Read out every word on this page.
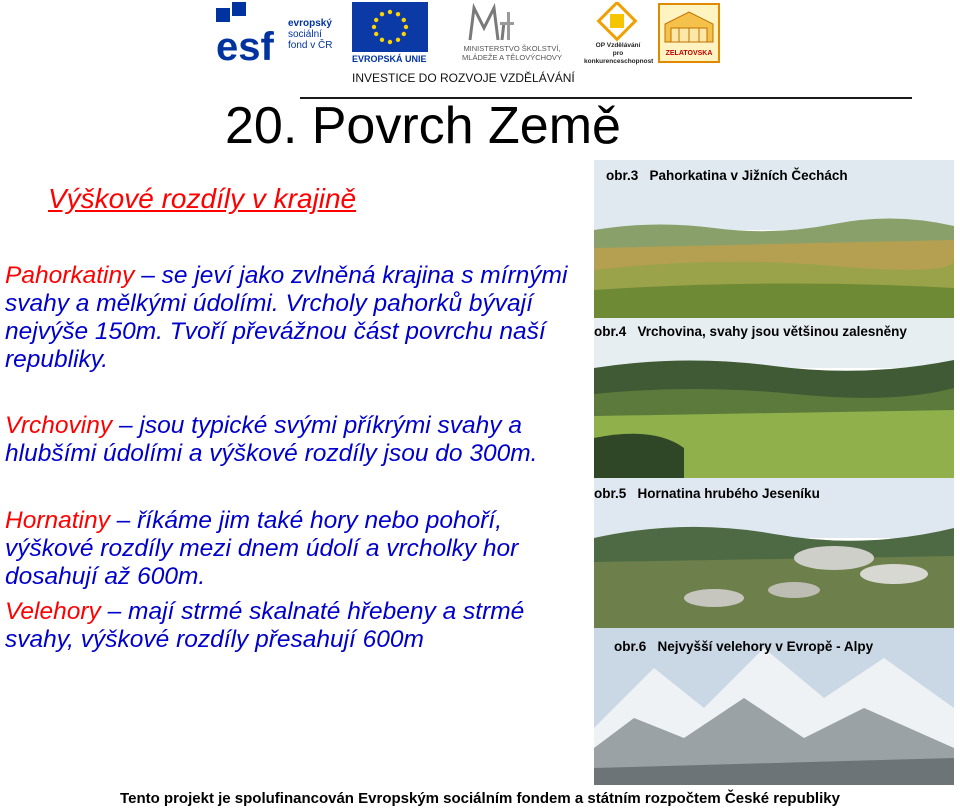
esf
evropský
sociální
fond v ČR
EVROPSKÁ UNIE
MINISTERSTVO ŠKOLSTVÍ,
MLÁDEŽE A TĚLOVÝCHOVY
OP Vzdělávání
pro konkurenceschopnost
ŽELATOVSKÁ
INVESTICE DO ROZVOJE VZDĚLÁVÁNÍ
20. Povrch Země
Výškové rozdíly v krajině

Pahorkatiny – se jeví jako zvlněná krajina s mírnými svahy a mělkými údolími. Vrcholy pahorků bývají nejvýše 150m. Tvoří převážnou část povrchu naší republiky.

Vrchoviny – jsou typické svými příkrými svahy a hlubšími údolími a výškové rozdíly jsou do 300m.

Hornatiny – říkáme jim také hory nebo pohoří, výškové rozdíly mezi dnem údolí a vrcholky hor dosahují až 600m.

Velehory – mají strmé skalnaté hřebeny a strmé svahy, výškové rozdíly přesahují 600m

obr.3 Pahorkatina v Jižních Čechách
obr.4 Vrchovina, svahy jsou většinou zalesněny
obr.5 Hornatina hrubého Jeseníku
obr.6 Nejvyšší velehory v Evropě - Alpy
Tento projekt je spolufinancován Evropským sociálním fondem a státním rozpočtem České republiky
